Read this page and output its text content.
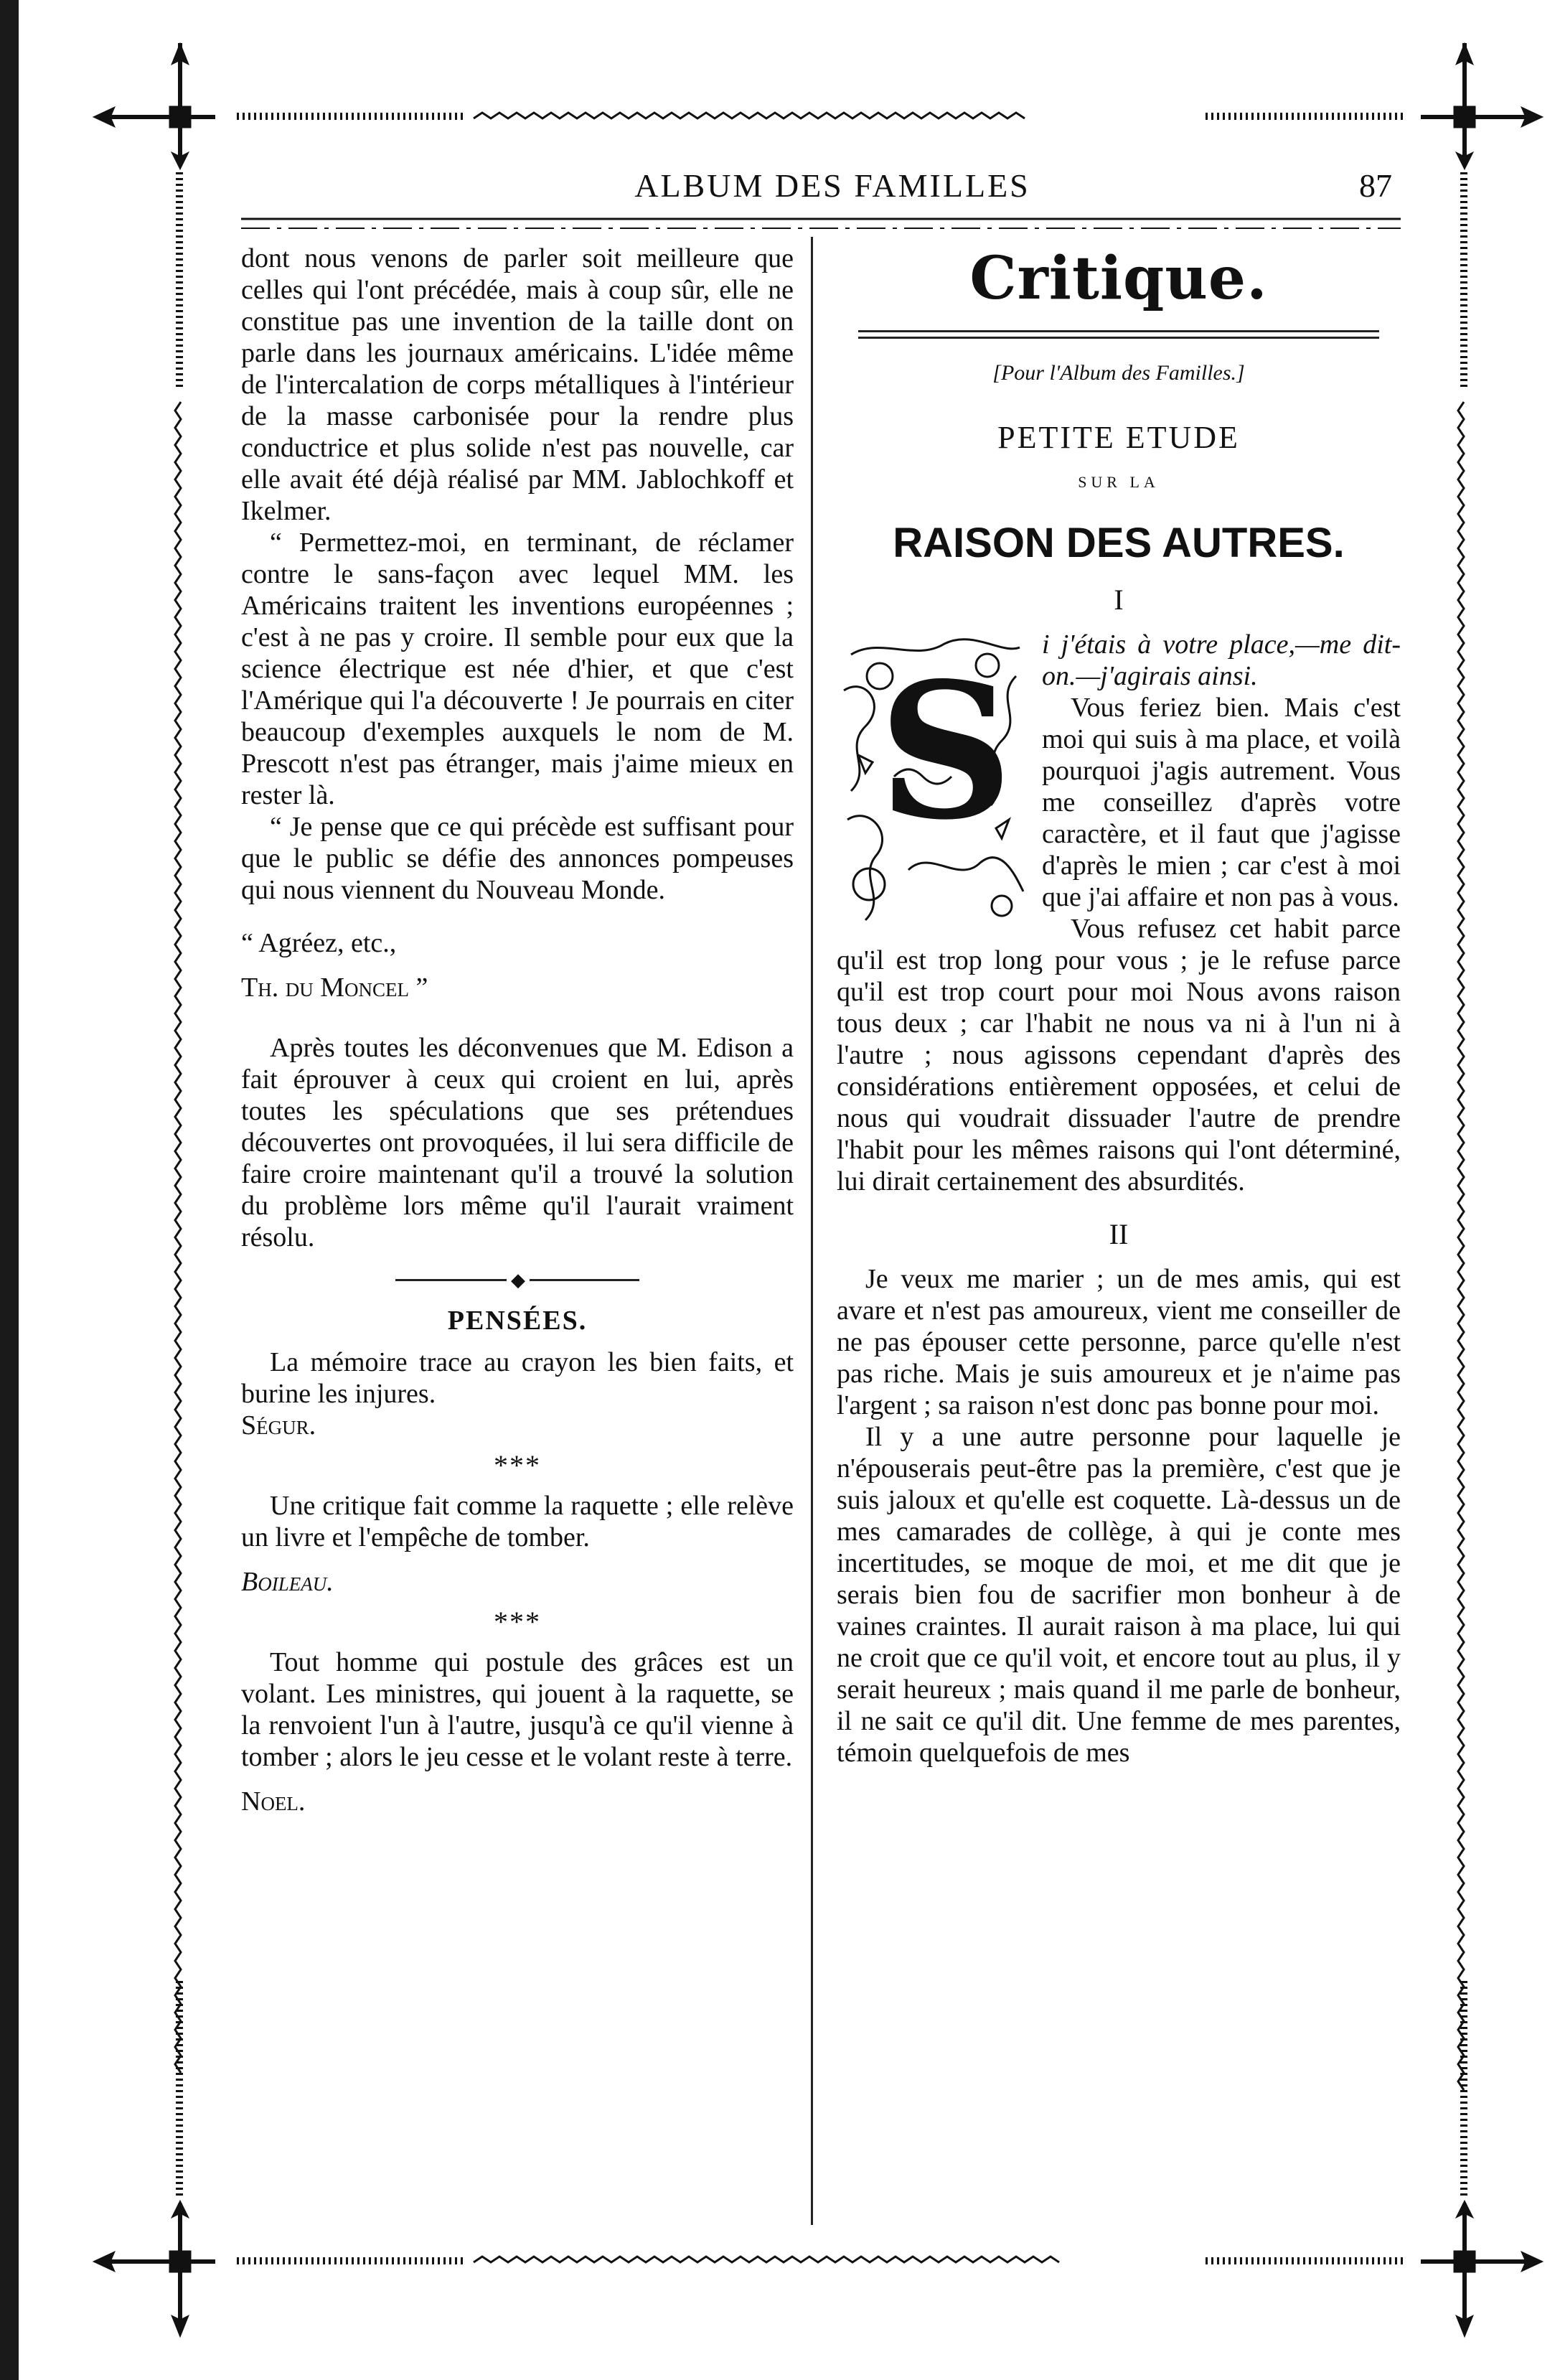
ALBUM DES FAMILLES	87

dont nous venons de parler soit meilleure que celles qui l'ont précédée, mais à coup sûr, elle ne constitue pas une invention de la taille dont on parle dans les journaux américains. L'idée même de l'intercalation de corps métalliques à l'intérieur de la masse carbonisée pour la rendre plus conductrice et plus solide n'est pas nouvelle, car elle avait été déjà réalisé par MM. Jablochkoff et Ikelmer.

“ Permettez-moi, en terminant, de réclamer contre le sans-façon avec lequel MM. les Américains traitent les inventions européennes ; c'est à ne pas y croire. Il semble pour eux que la science électrique est née d'hier, et que c'est l'Amérique qui l'a découverte ! Je pourrais en citer beaucoup d'exemples auxquels le nom de M. Prescott n'est pas étranger, mais j'aime mieux en rester là.

“ Je pense que ce qui précède est suffisant pour que le public se défie des annonces pompeuses qui nous viennent du Nouveau Monde.

“ Agréez, etc.,

Th. du Moncel ”

Après toutes les déconvenues que M. Edison a fait éprouver à ceux qui croient en lui, après toutes les spéculations que ses prétendues découvertes ont provoquées, il lui sera difficile de faire croire maintenant qu'il a trouvé la solution du problème lors même qu'il l'aurait vraiment résolu.

◆
PENSÉES.

La mémoire trace au crayon les bien faits, et burine les injures.

Ségur.

***

Une critique fait comme la raquette ; elle relève un livre et l'empêche de tomber.

Boileau.

***

Tout homme qui postule des grâces est un volant. Les ministres, qui jouent à la raquette, se la renvoient l'un à l'autre, jusqu'à ce qu'il vienne à tomber ; alors le jeu cesse et le volant reste à terre.

Noel.

Critique.
[Pour l'Album des Familles.]
PETITE ETUDE
SUR LA
RAISON DES AUTRES.
I
S	i j'étais à votre place,—me dit-on.—j'agirais ainsi.

Vous feriez bien. Mais c'est moi qui suis à ma place, et voilà pourquoi j'agis autrement. Vous me conseillez d'après votre caractère, et il faut que j'agisse d'après le mien ; car c'est à moi que j'ai affaire et non pas à vous.

Vous refusez cet habit parce qu'il est trop long pour vous ; je le refuse parce qu'il est trop court pour moi Nous avons raison tous deux ; car l'habit ne nous va ni à l'un ni à l'autre ; nous agissons cependant d'après des considérations entièrement opposées, et celui de nous qui voudrait dissuader l'autre de prendre l'habit pour les mêmes raisons qui l'ont déterminé, lui dirait certainement des absurdités.

II

Je veux me marier ; un de mes amis, qui est avare et n'est pas amoureux, vient me conseiller de ne pas épouser cette personne, parce qu'elle n'est pas riche. Mais je suis amoureux et je n'aime pas l'argent ; sa raison n'est donc pas bonne pour moi.

Il y a une autre personne pour laquelle je n'épouserais peut-être pas la première, c'est que je suis jaloux et qu'elle est coquette. Là-dessus un de mes camarades de collège, à qui je conte mes incertitudes, se moque de moi, et me dit que je serais bien fou de sacrifier mon bonheur à de vaines craintes. Il aurait raison à ma place, lui qui ne croit que ce qu'il voit, et encore tout au plus, il y serait heureux ; mais quand il me parle de bonheur, il ne sait ce qu'il dit. Une femme de mes parentes, témoin quelquefois de mes
